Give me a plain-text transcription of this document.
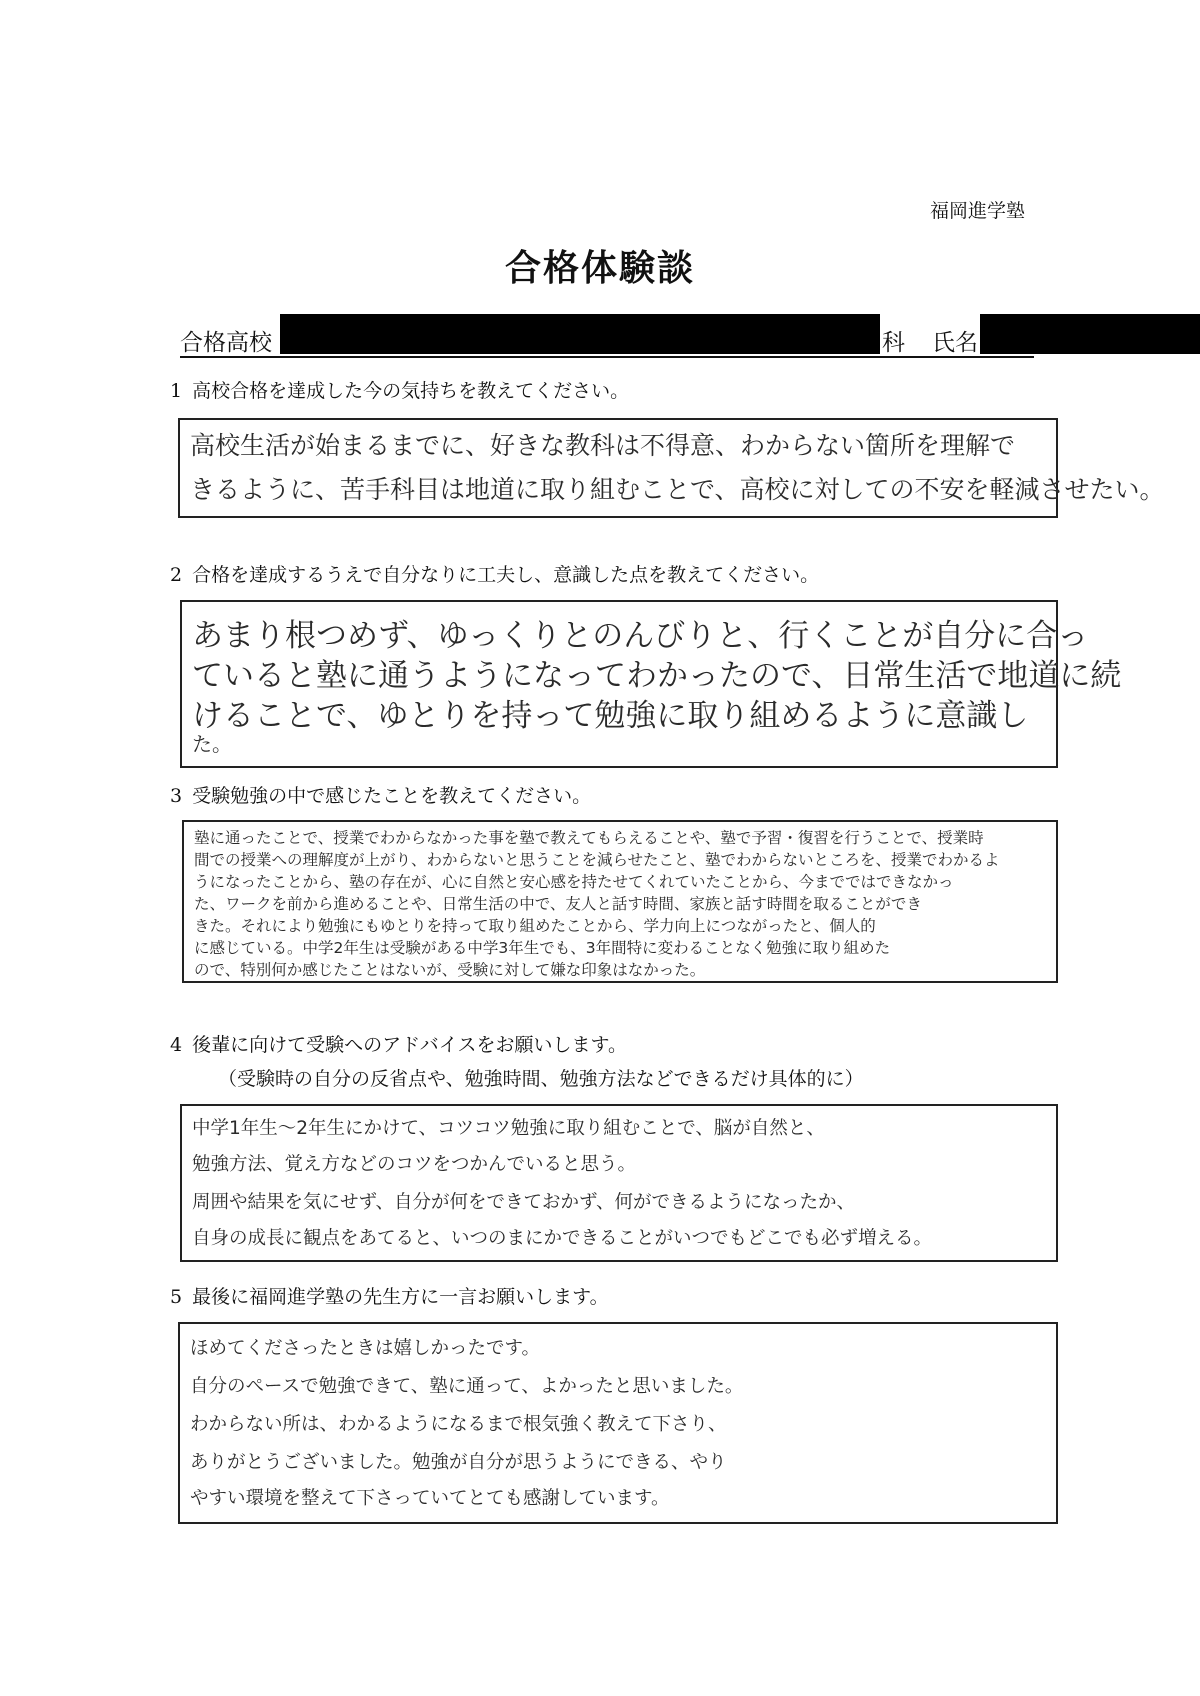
福岡進学塾
合格体験談
合格高校	科 氏名
1 高校合格を達成した今の気持ちを教えてください。
高校生活が始まるまでに、好きな教科は不得意、わからない箇所を理解で
きるように、苦手科目は地道に取り組むことで、高校に対しての不安を軽減させたい。
2 合格を達成するうえで自分なりに工夫し、意識した点を教えてください。
あまり根つめず、ゆっくりとのんびりと、行くことが自分に合っ
ていると塾に通うようになってわかったので、日常生活で地道に続
けることで、ゆとりを持って勉強に取り組めるように意識し
た。
3 受験勉強の中で感じたことを教えてください。
塾に通ったことで、授業でわからなかった事を塾で教えてもらえることや、塾で予習・復習を行うことで、授業時
間での授業への理解度が上がり、わからないと思うことを減らせたこと、塾でわからないところを、授業でわかるよ
うになったことから、塾の存在が、心に自然と安心感を持たせてくれていたことから、今までではできなかっ
た、ワークを前から進めることや、日常生活の中で、友人と話す時間、家族と話す時間を取ることができ
きた。それにより勉強にもゆとりを持って取り組めたことから、学力向上につながったと、個人的
に感じている。中学2年生は受験がある中学3年生でも、3年間特に変わることなく勉強に取り組めた
ので、特別何か感じたことはないが、受験に対して嫌な印象はなかった。
4 後輩に向けて受験へのアドバイスをお願いします。
（受験時の自分の反省点や、勉強時間、勉強方法などできるだけ具体的に）
中学1年生～2年生にかけて、コツコツ勉強に取り組むことで、脳が自然と、
勉強方法、覚え方などのコツをつかんでいると思う。
周囲や結果を気にせず、自分が何をできておかず、何ができるようになったか、
自身の成長に観点をあてると、いつのまにかできることがいつでもどこでも必ず増える。
5 最後に福岡進学塾の先生方に一言お願いします。
ほめてくださったときは嬉しかったです。
自分のペースで勉強できて、塾に通って、よかったと思いました。
わからない所は、わかるようになるまで根気強く教えて下さり、
ありがとうございました。勉強が自分が思うようにできる、やり
やすい環境を整えて下さっていてとても感謝しています。
